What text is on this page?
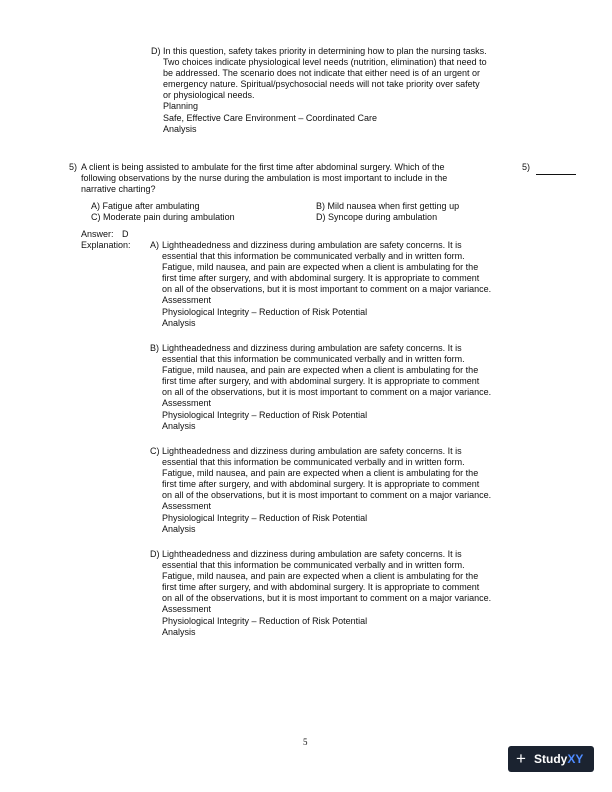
D) In this question, safety takes priority in determining how to plan the nursing tasks.
Two choices indicate physiological level needs (nutrition, elimination) that need to
be addressed. The scenario does not indicate that either need is of an urgent or
emergency nature. Spiritual/psychosocial needs will not take priority over safety
or physiological needs.
Planning
Safe, Effective Care Environment – Coordinated Care
Analysis
5) A client is being assisted to ambulate for the first time after abdominal surgery. Which of the
following observations by the nurse during the ambulation is most important to include in the
narrative charting?
5)
A) Fatigue after ambulating	B) Mild nausea when first getting up
C) Moderate pain during ambulation	D) Syncope during ambulation
Answer: D
Explanation: A) Lightheadedness and dizziness during ambulation are safety concerns. It is
essential that this information be communicated verbally and in written form.
Fatigue, mild nausea, and pain are expected when a client is ambulating for the
first time after surgery, and with abdominal surgery. It is appropriate to comment
on all of the observations, but it is most important to comment on a major variance.
Assessment
Physiological Integrity – Reduction of Risk Potential
Analysis
B) Lightheadedness and dizziness during ambulation are safety concerns. It is
essential that this information be communicated verbally and in written form.
Fatigue, mild nausea, and pain are expected when a client is ambulating for the
first time after surgery, and with abdominal surgery. It is appropriate to comment
on all of the observations, but it is most important to comment on a major variance.
Assessment
Physiological Integrity – Reduction of Risk Potential
Analysis
C) Lightheadedness and dizziness during ambulation are safety concerns. It is
essential that this information be communicated verbally and in written form.
Fatigue, mild nausea, and pain are expected when a client is ambulating for the
first time after surgery, and with abdominal surgery. It is appropriate to comment
on all of the observations, but it is most important to comment on a major variance.
Assessment
Physiological Integrity – Reduction of Risk Potential
Analysis
D) Lightheadedness and dizziness during ambulation are safety concerns. It is
essential that this information be communicated verbally and in written form.
Fatigue, mild nausea, and pain are expected when a client is ambulating for the
first time after surgery, and with abdominal surgery. It is appropriate to comment
on all of the observations, but it is most important to comment on a major variance.
Assessment
Physiological Integrity – Reduction of Risk Potential
Analysis
5
+ StudyXY
